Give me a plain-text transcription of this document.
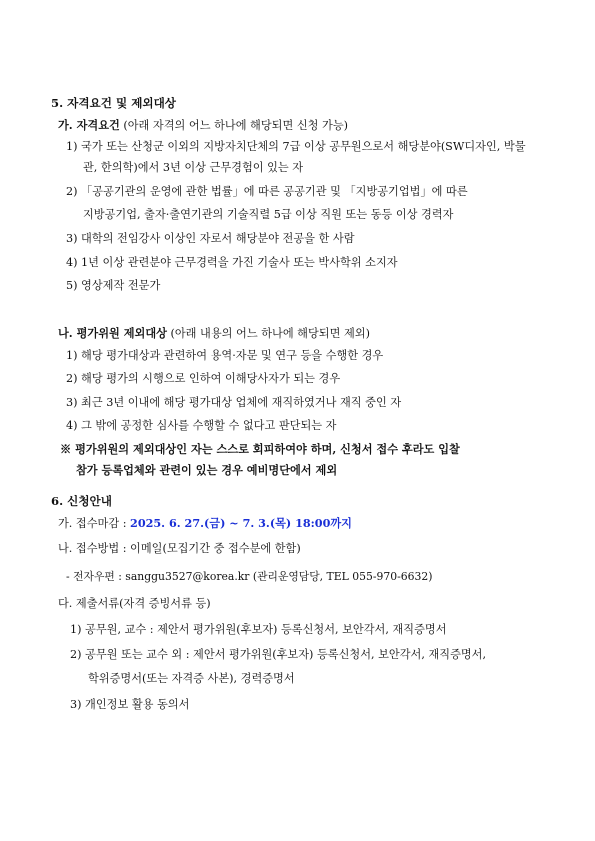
5. 자격요건 및 제외대상
가. 자격요건 (아래 자격의 어느 하나에 해당되면 신청 가능)
1) 국가 또는 산청군 이외의 지방자치단체의 7급 이상 공무원으로서 해당분야(SW디자인, 박물
관, 한의학)에서 3년 이상 근무경험이 있는 자
2) 「공공기관의 운영에 관한 법률」에 따른 공공기관 및 「지방공기업법」에 따른
지방공기업, 출자·출연기관의 기술직렬 5급 이상 직원 또는 동등 이상 경력자
3) 대학의 전임강사 이상인 자로서 해당분야 전공을 한 사람
4) 1년 이상 관련분야 근무경력을 가진 기술사 또는 박사학위 소지자
5) 영상제작 전문가
나. 평가위원 제외대상 (아래 내용의 어느 하나에 해당되면 제외)
1) 해당 평가대상과 관련하여 용역·자문 및 연구 등을 수행한 경우
2) 해당 평가의 시행으로 인하여 이해당사자가 되는 경우
3) 최근 3년 이내에 해당 평가대상 업체에 재직하였거나 재직 중인 자
4) 그 밖에 공정한 심사를 수행할 수 없다고 판단되는 자
※ 평가위원의 제외대상인 자는 스스로 회피하여야 하며, 신청서 접수 후라도 입찰
참가 등록업체와 관련이 있는 경우 예비명단에서 제외
6. 신청안내
가. 접수마감 : 2025. 6. 27.(금) ~ 7. 3.(목) 18:00까지
나. 접수방법 : 이메일(모집기간 중 접수분에 한함)
- 전자우편 : sanggu3527@korea.kr (관리운영담당, TEL 055-970-6632)
다. 제출서류(자격 증빙서류 등)
1) 공무원, 교수 : 제안서 평가위원(후보자) 등록신청서, 보안각서, 재직증명서
2) 공무원 또는 교수 외 : 제안서 평가위원(후보자) 등록신청서, 보안각서, 재직증명서,
학위증명서(또는 자격증 사본), 경력증명서
3) 개인정보 활용 동의서
